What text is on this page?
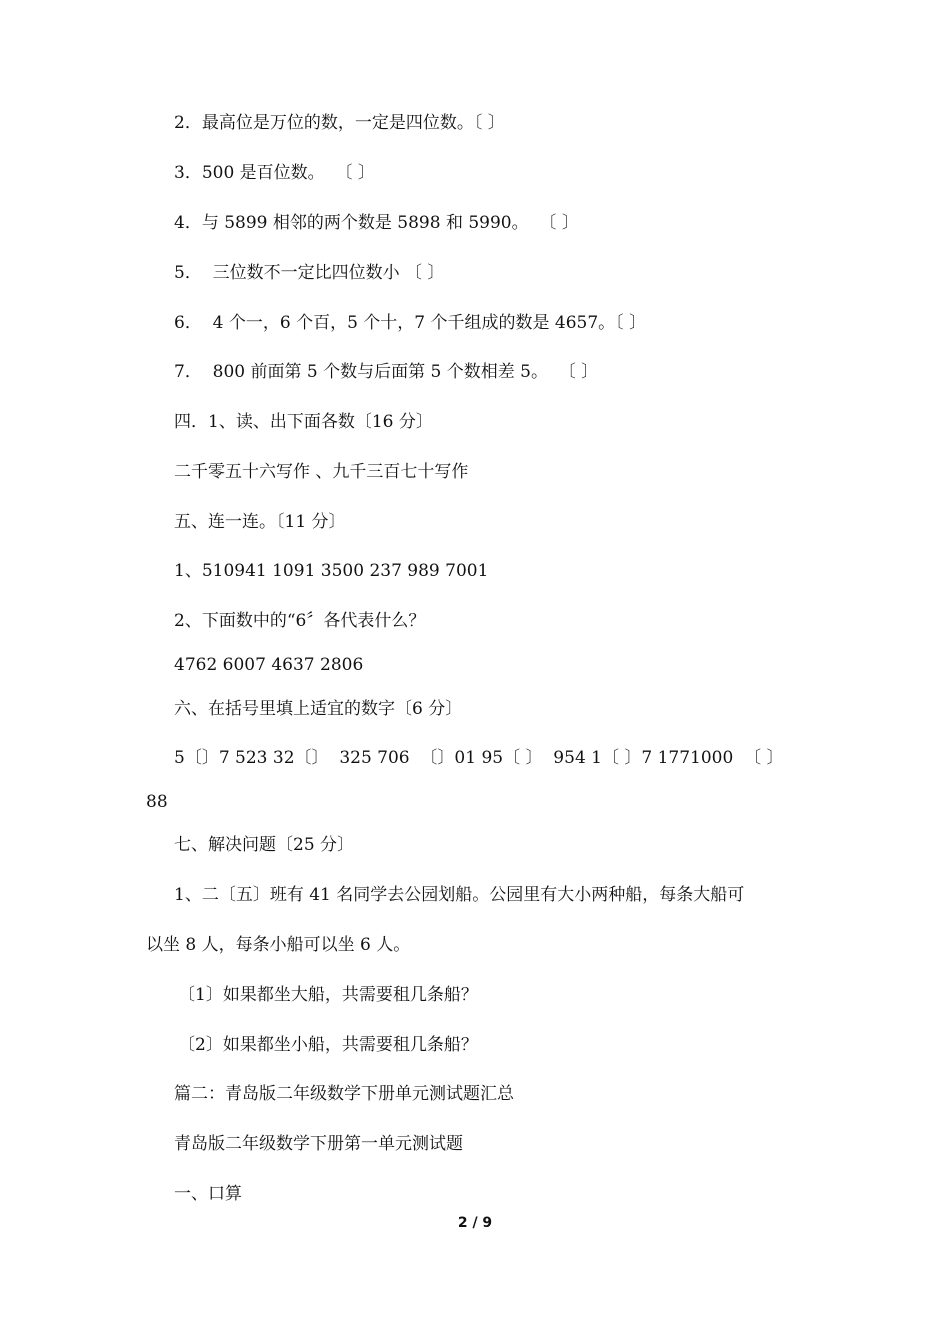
2．最高位是万位的数，一定是四位数。〔 〕
3．500 是百位数。  〔 〕
4．与 5899 相邻的两个数是 5898 和 5990。  〔 〕
5．  三位数不一定比四位数小 〔 〕
6．  4 个一，6 个百，5 个十，7 个千组成的数是 4657。〔 〕
7．  800 前面第 5 个数与后面第 5 个数相差 5。  〔 〕
四．1、读、出下面各数〔16 分〕
二千零五十六写作 、九千三百七十写作
五、连一连。〔11 分〕
1、510941 1091 3500 237 989 7001
2、下面数中的“6〞各代表什么？
4762 6007 4637 2806
六、在括号里填上适宜的数字〔6 分〕
5〔〕7 523 32〔〕  325 706  〔〕01 95〔 〕  954 1〔 〕7 1771000  〔 〕
88
七、解决问题〔25 分〕
1、二〔五〕班有 41 名同学去公园划船。公园里有大小两种船，每条大船可
以坐 8 人，每条小船可以坐 6 人。
〔1〕如果都坐大船，共需要租几条船？
〔2〕如果都坐小船，共需要租几条船？
篇二：青岛版二年级数学下册单元测试题汇总
青岛版二年级数学下册第一单元测试题
一、口算
2 / 9
